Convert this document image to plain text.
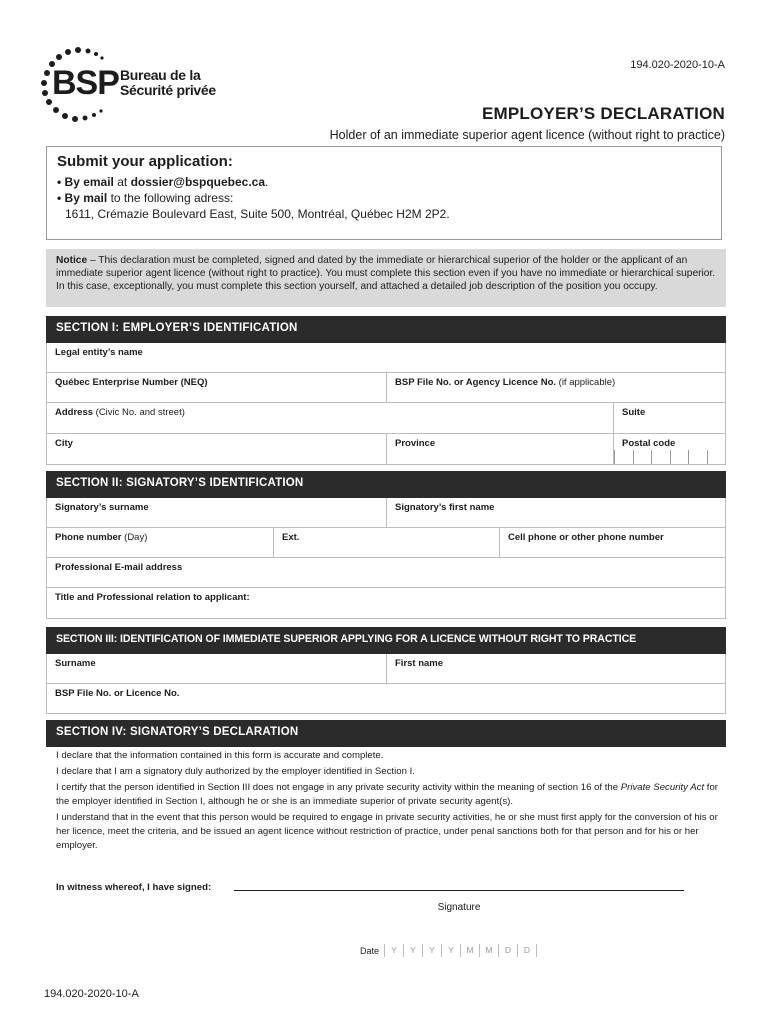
BSP Bureau de la
Sécurité privée
194.020-2020-10-A
EMPLOYER’S DECLARATION
Holder of an immediate superior agent licence (without right to practice)
Submit your application:
• By email at dossier@bspquebec.ca.
• By mail to the following adress:
1611, Crémazie Boulevard East, Suite 500, Montréal, Québec H2M 2P2.
Notice – This declaration must be completed, signed and dated by the immediate or hierarchical superior of the holder or the applicant of an immediate superior agent licence (without right to practice). You must complete this section even if you have no immediate or hierarchical superior. In this case, exceptionally, you must complete this section yourself, and attached a detailed job description of the position you occupy.
SECTION I: EMPLOYER’S IDENTIFICATION
Legal entity’s name
Québec Enterprise Number (NEQ)	BSP File No. or Agency Licence No. (if applicable)
Address (Civic No. and street)	Suite
City	Province	Postal code
SECTION II: SIGNATORY’S IDENTIFICATION
Signatory’s surname	Signatory’s first name
Phone number (Day)	Ext.	Cell phone or other phone number
Professional E-mail address
Title and Professional relation to applicant:
SECTION III: IDENTIFICATION OF IMMEDIATE SUPERIOR APPLYING FOR A LICENCE WITHOUT RIGHT TO PRACTICE
Surname	First name
BSP File No. or Licence No.
SECTION IV: SIGNATORY’S DECLARATION

I declare that the information contained in this form is accurate and complete.

I declare that I am a signatory duly authorized by the employer identified in Section I.

I certify that the person identified in Section III does not engage in any private security activity within the meaning of section 16 of the Private Security Act for the employer identified in Section I, although he or she is an immediate superior of private security agent(s).

I understand that in the event that this person would be required to engage in private security activities, he or she must first apply for the conversion of his or her licence, meet the criteria, and be issued an agent licence without restriction of practice, under penal sanctions both for that person and for his or her employer.

In witness whereof, I have signed:
Signature
Date	Y	Y	Y	Y	M	M	D	D
194.020-2020-10-A
